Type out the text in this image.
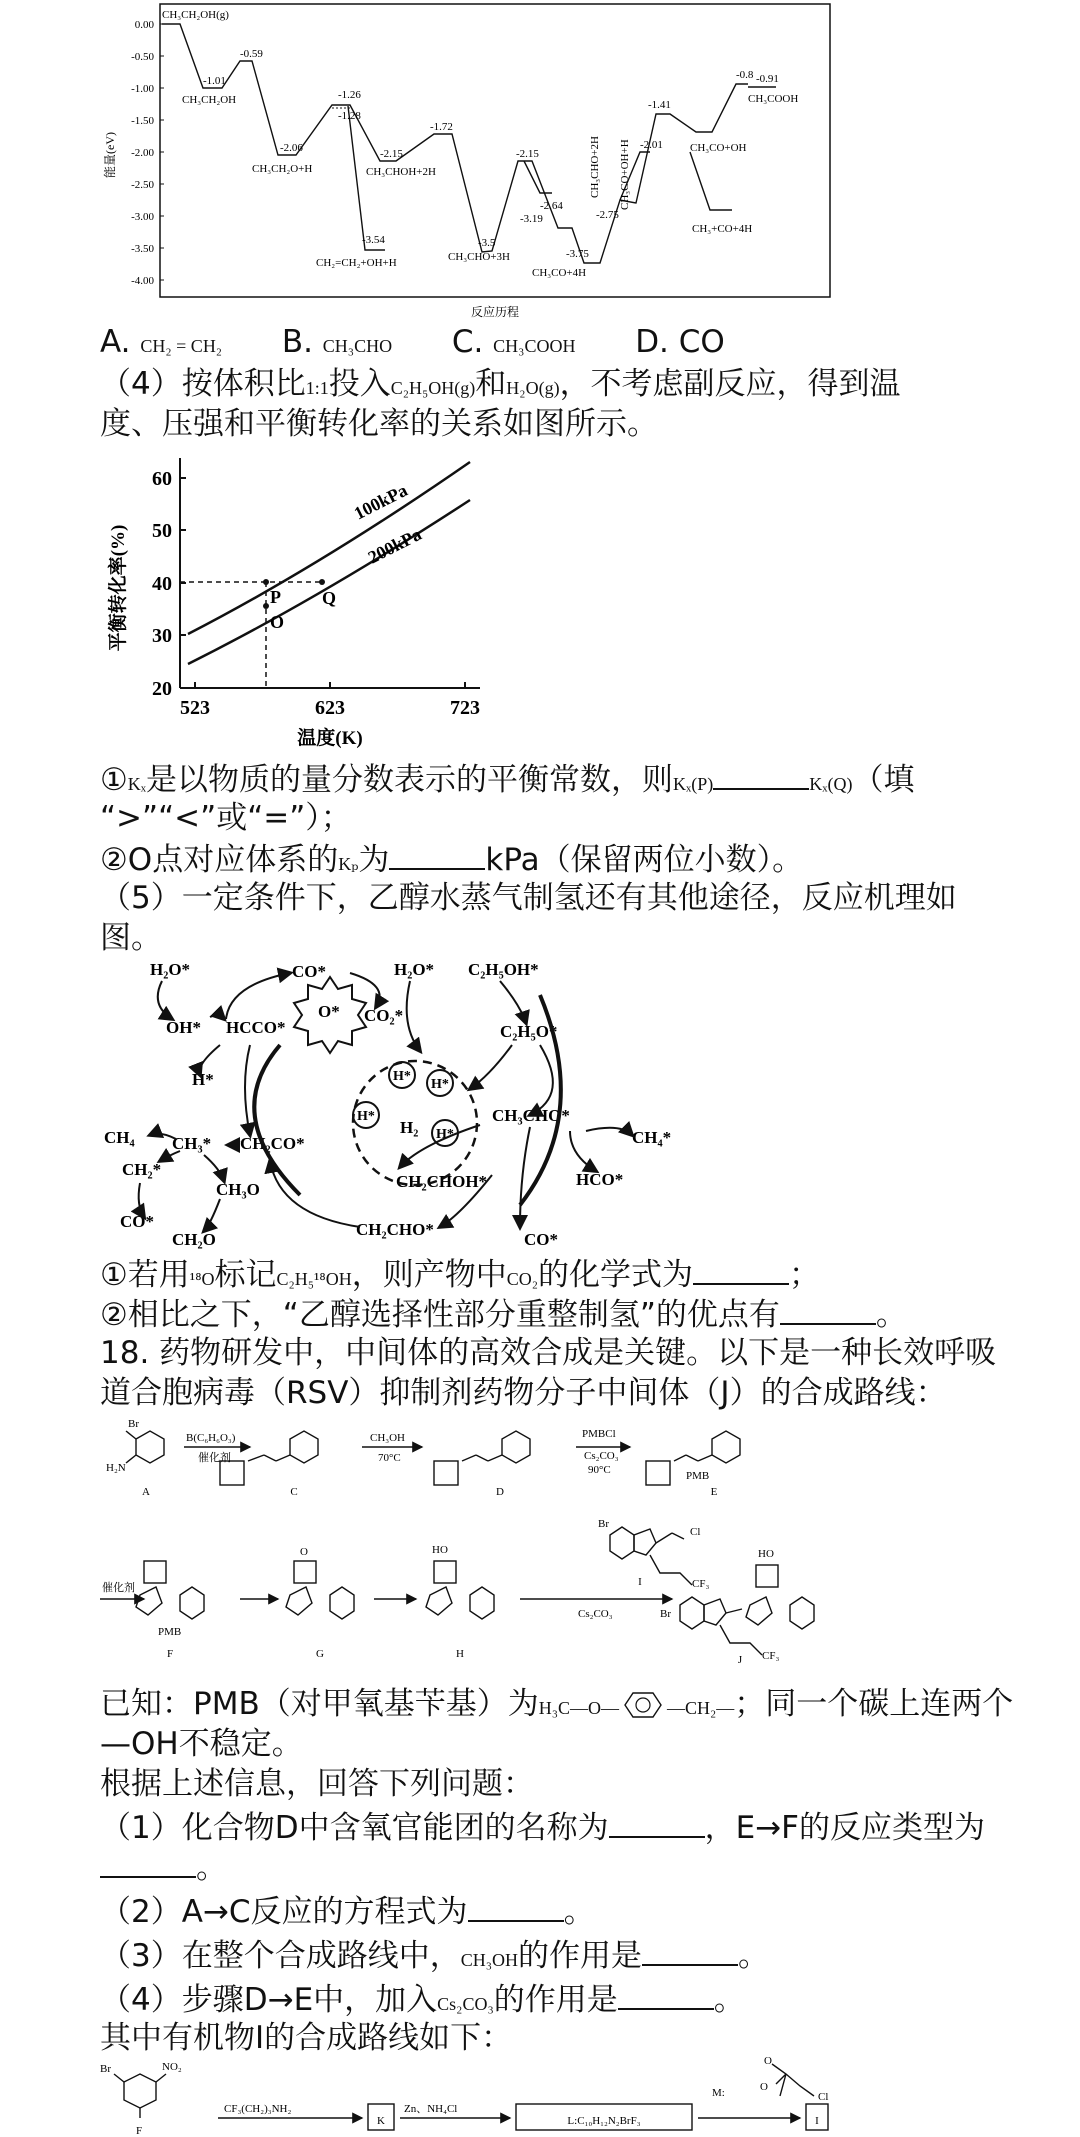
0.00
-0.50
-1.00
-1.50
-2.00
-2.50
-3.00
-3.50
-4.00
能量(eV)
反应历程
CH₃CH₂OH(g)
-1.01
CH₃CH₂OH
-0.59
-2.06
CH₃CH₂O+H
-1.26
-1.28
-2.15
CH₃CHOH+2H
-1.72
-3.54
CH₂=CH₂+OH+H
-3.5
CH₃CHO+3H
-2.15
-3.19
-2.64
-3.75
CH₃CO+4H
-2.75
-1.41
-2.01 CH₃CO+OH
CH₃+CO+4H
-0.8 -0.91
CH₃COOH
CH₃CHO+2H CH₃CO+OH+H
A. CH₂ = CH₂ B. CH₃CHO C. CH₃COOH D. CO
（4）按体积比1:1投入C₂H₅OH(g)和H₂O(g)，不考虑副反应，得到温
度、压强和平衡转化率的关系如图所示。
60
50
40
30
20
523	623	723
温度(K)
平衡转化率(%)	P Q
O
100kPa
200kPa
①Kₓ是以物质的量分数表示的平衡常数，则Kₓ(P)	Kₓ(Q)（填
“>”“<”或“=”）；
②O点对应体系的Kₚ为	kPa（保留两位小数）。
（5）一定条件下，乙醇水蒸气制氢还有其他途径，反应机理如
图。
H₂O*
OH* HCCO*
CO*
O* CO₂*
H₂O* C₂H₅OH*
C₂H₅O*
H*
H₂
CH₄ CH₃* CH₂CO*
CH₂*
CO*
CH₃O
CH₂O
CH₃CHO*
CH₄*
CH₂CHOH*	HCO*
CH₂CHO*
CO*
H*
H*
H*
H*
①若用¹⁸O标记C₂H₅¹⁸OH，则产物中CO₂的化学式为	；
②相比之下，“乙醇选择性部分重整制氢”的优点有	。
18. 药物研发中，中间体的高效合成是关键。以下是一种长效呼吸
道合胞病毒（RSV）抑制剂药物分子中间体（J）的合成路线：
Br
H₂N
B(C₆H₆O₃)
催化剂
CH₃OH
70°C
PMBCl
Cs₂CO₃
90°C
催化剂
Cs₂CO₃
PMB
PMB
Br
Cl
CF₃
Br
CF₃
HO	HO
O
A	C	D	E
F	G	H
I
J
已知：PMB（对甲氧基苄基）为H₃C—O—	—CH₂—；同一个碳上连两个
—OH不稳定。
根据上述信息，回答下列问题：
（1）化合物D中含氧官能团的名称为	，E→F的反应类型为
。
（2）A→C反应的方程式为	。
（3）在整个合成路线中，CH₃OH的作用是	。
（4）步骤D→E中，加入Cs₂CO₃的作用是	。
其中有机物I的合成路线如下：
Br	NO₂
F
CF₃(CH₂)₃NH₂	Zn、NH₄Cl
M:
O
O
Cl
K	L:C₁₀H₁₂N₂BrF₃	I
